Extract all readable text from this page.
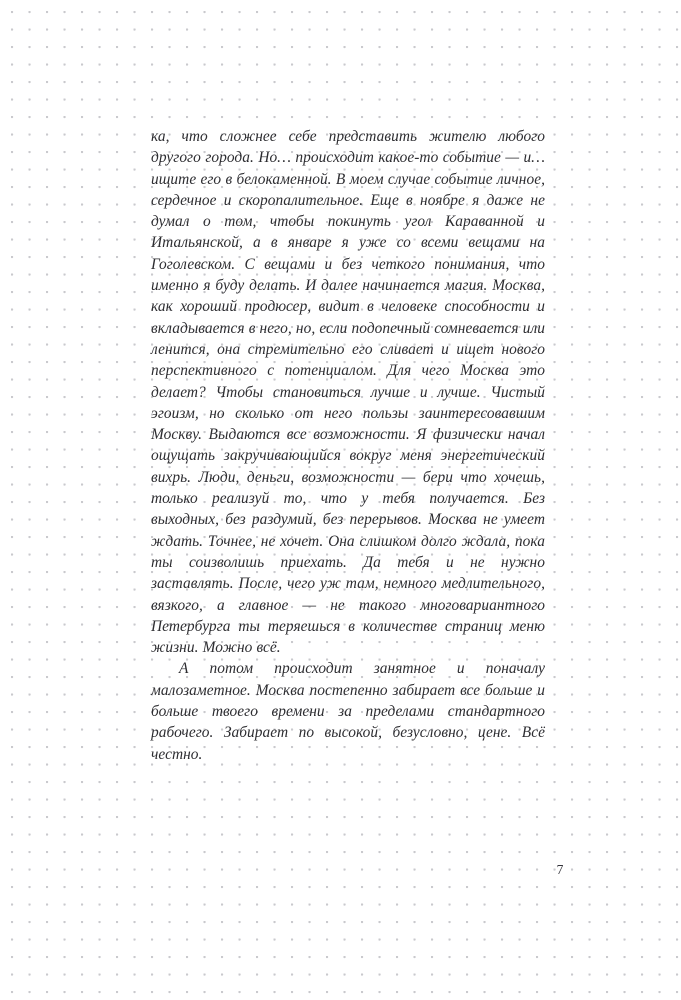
ка, что сложнее себе представить жителю любого другого города. Но… происходит какое-то событие — и… ищите его в белокаменной. В моем случае событие личное, сердечное и скоропалительное. Еще в ноябре я даже не думал о том, чтобы покинуть угол Караванной и Итальянской, а в январе я уже со всеми вещами на Гоголевском. С вещами и без четкого понимания, что именно я буду делать. И далее начинается магия. Москва, как хороший продюсер, видит в человеке способности и вкладывается в него, но, если подопечный сомневается или ленится, она стремительно его сливает и ищет нового перспективного с потенциалом. Для чего Москва это делает? Чтобы становиться лучше и лучше. Чистый эгоизм, но сколько от него пользы заинтересовавшим Москву. Выдаются все возможности. Я физически начал ощущать закручивающийся вокруг меня энергетический вихрь. Люди, деньги, возможности — бери что хочешь, только реализуй то, что у тебя получается. Без выходных, без раздумий, без перерывов. Москва не умеет ждать. Точнее, не хочет. Она слишком долго ждала, пока ты соизволишь приехать. Да тебя и не нужно заставлять. После, чего уж там, немного медлительного, вязкого, а главное — не такого многовариантного Петербурга ты теряешься в количестве страниц меню жизни. Можно всё.

А потом происходит занятное и поначалу малозаметное. Москва постепенно забирает все больше и больше твоего времени за пределами стандартного рабочего. Забирает по высокой, безусловно, цене. Всё честно.

7
